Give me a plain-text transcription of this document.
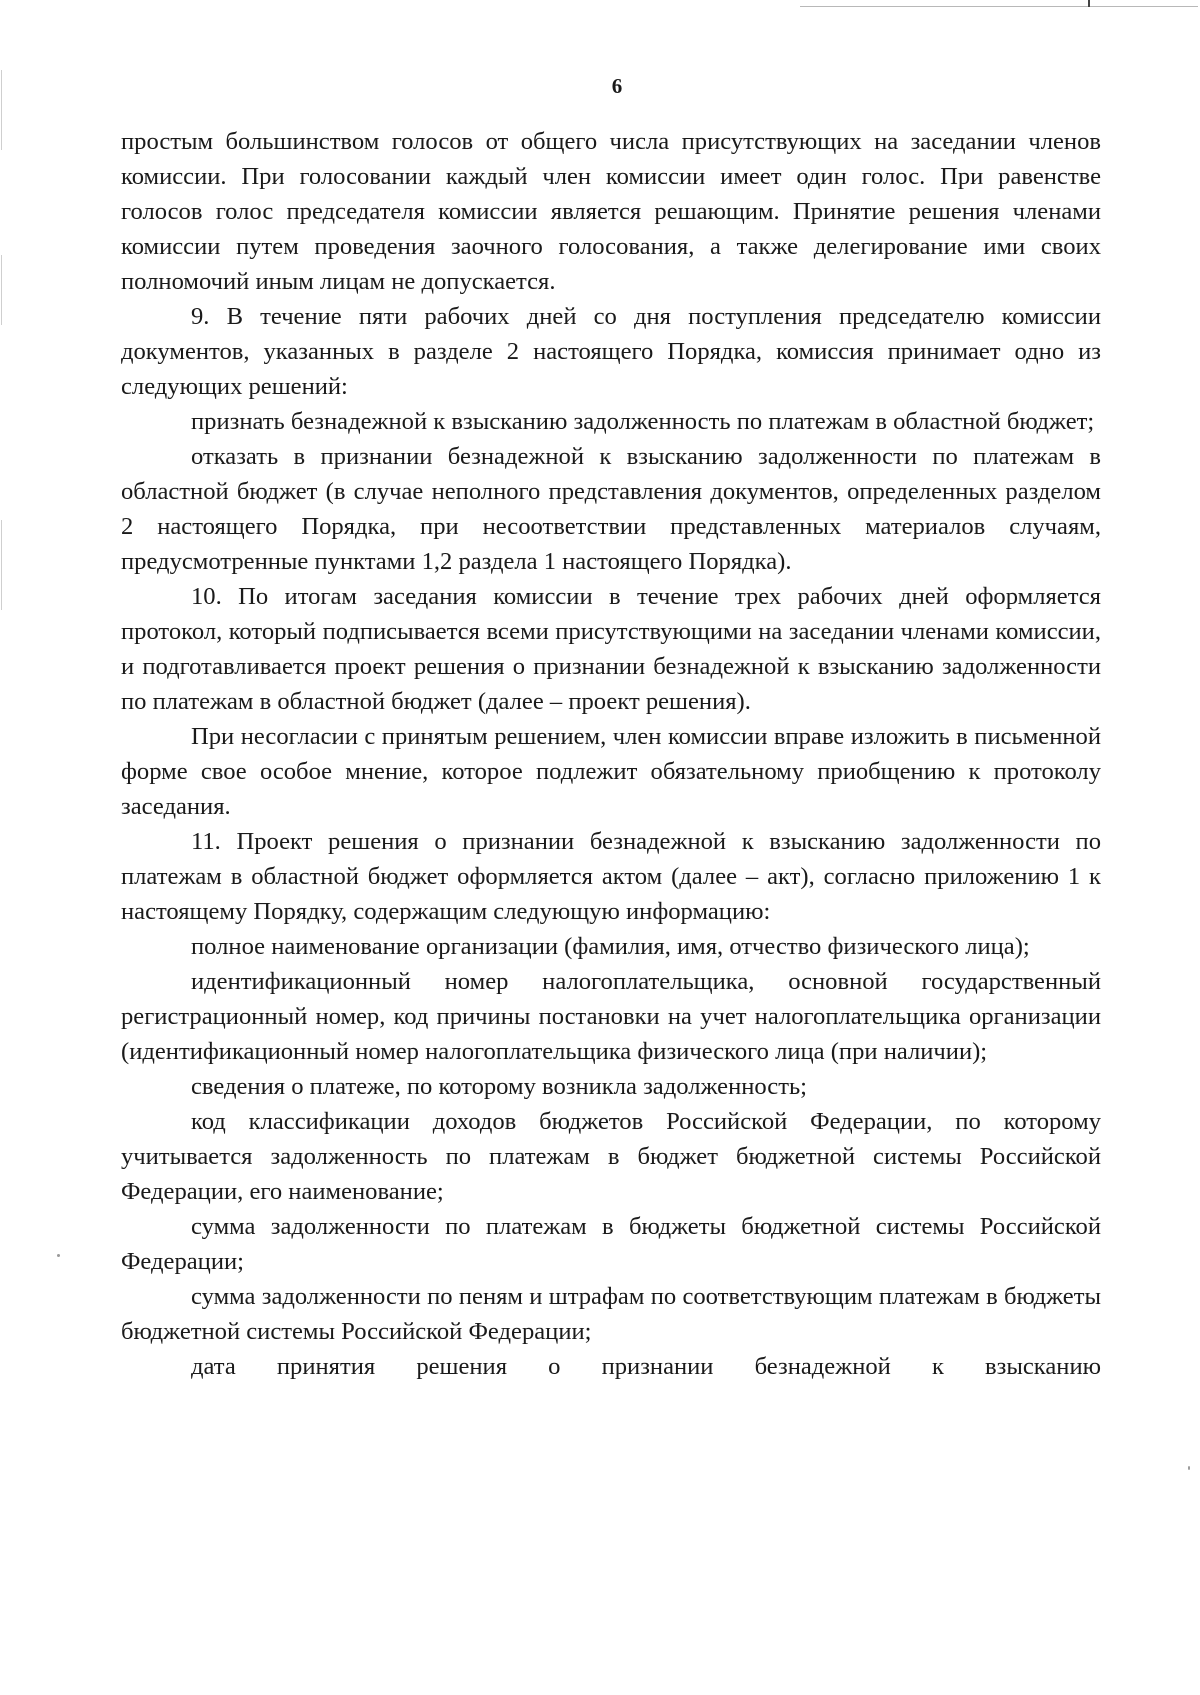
6

простым большинством голосов от общего числа присутствующих на заседании членов комиссии. При голосовании каждый член комиссии имеет один голос. При равенстве голосов голос председателя комиссии является решающим. Принятие решения членами комиссии путем проведения заочного голосования, а также делегирование ими своих полномочий иным лицам не допускается.

9. В течение пяти рабочих дней со дня поступления председателю комиссии документов, указанных в разделе 2 настоящего Порядка, комиссия принимает одно из следующих решений:

признать безнадежной к взысканию задолженность по платежам в областной бюджет;

отказать в признании безнадежной к взысканию задолженности по платежам в областной бюджет (в случае неполного представления документов, определенных разделом 2 настоящего Порядка, при несоответствии представленных материалов случаям, предусмотренные пунктами 1,2 раздела 1 настоящего Порядка).

10. По итогам заседания комиссии в течение трех рабочих дней оформляется протокол, который подписывается всеми присутствующими на заседании членами комиссии, и подготавливается проект решения о признании безнадежной к взысканию задолженности по платежам в областной бюджет (далее – проект решения).

При несогласии с принятым решением, член комиссии вправе изложить в письменной форме свое особое мнение, которое подлежит обязательному приобщению к протоколу заседания.

11. Проект решения о признании безнадежной к взысканию задолженности по платежам в областной бюджет оформляется актом (далее – акт), согласно приложению 1 к настоящему Порядку, содержащим следующую информацию:

полное наименование организации (фамилия, имя, отчество физического лица);

идентификационный номер налогоплательщика, основной государственный регистрационный номер, код причины постановки на учет налогоплательщика организации (идентификационный номер налогоплательщика физического лица (при наличии);

сведения о платеже, по которому возникла задолженность;

код классификации доходов бюджетов Российской Федерации, по которому учитывается задолженность по платежам в бюджет бюджетной системы Российской Федерации, его наименование;

сумма задолженности по платежам в бюджеты бюджетной системы Российской Федерации;

сумма задолженности по пеням и штрафам по соответствующим платежам в бюджеты бюджетной системы Российской Федерации;

дата принятия решения о признании безнадежной к взысканию
